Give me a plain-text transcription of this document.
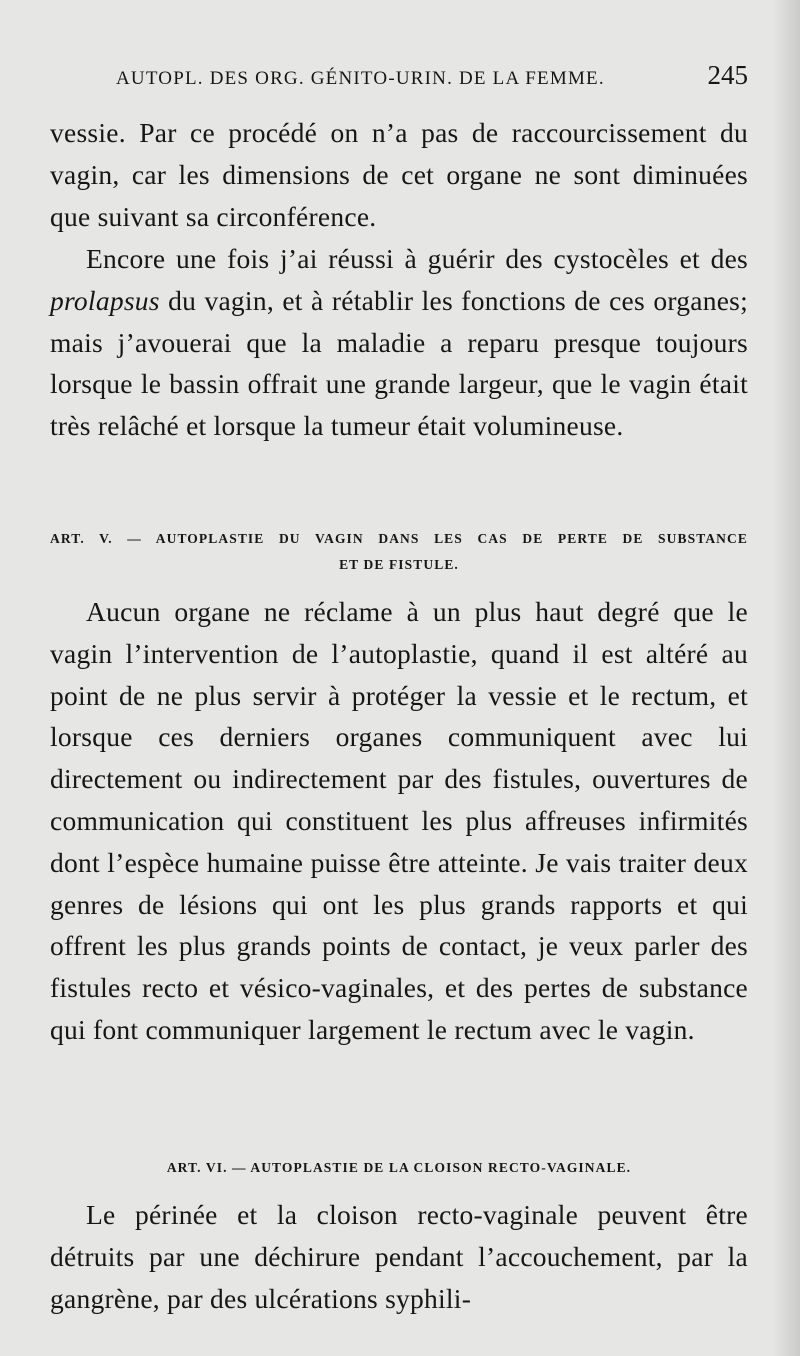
AUTOPL. DES ORG. GÉNITO-URIN. DE LA FEMME.	245

vessie. Par ce procédé on n’a pas de raccourcissement du vagin, car les dimensions de cet organe ne sont diminuées que suivant sa circonférence.

Encore une fois j’ai réussi à guérir des cystocèles et des prolapsus du vagin, et à rétablir les fonctions de ces organes; mais j’avouerai que la maladie a reparu presque toujours lorsque le bassin offrait une grande largeur, que le vagin était très relâché et lorsque la tumeur était volumineuse.

ART. V. — AUTOPLASTIE DU VAGIN DANS LES CAS DE PERTE DE SUBSTANCE
ET DE FISTULE.

Aucun organe ne réclame à un plus haut degré que le vagin l’intervention de l’autoplastie, quand il est altéré au point de ne plus servir à protéger la vessie et le rectum, et lorsque ces derniers organes communiquent avec lui directement ou indirectement par des fistules, ouvertures de communication qui constituent les plus affreuses infirmités dont l’espèce humaine puisse être atteinte. Je vais traiter deux genres de lésions qui ont les plus grands rapports et qui offrent les plus grands points de contact, je veux parler des fistules recto et vésico-vaginales, et des pertes de substance qui font communiquer largement le rectum avec le vagin.

ART. VI. — AUTOPLASTIE DE LA CLOISON RECTO-VAGINALE.

Le périnée et la cloison recto-vaginale peuvent être détruits par une déchirure pendant l’accouchement, par la gangrène, par des ulcérations syphili-
